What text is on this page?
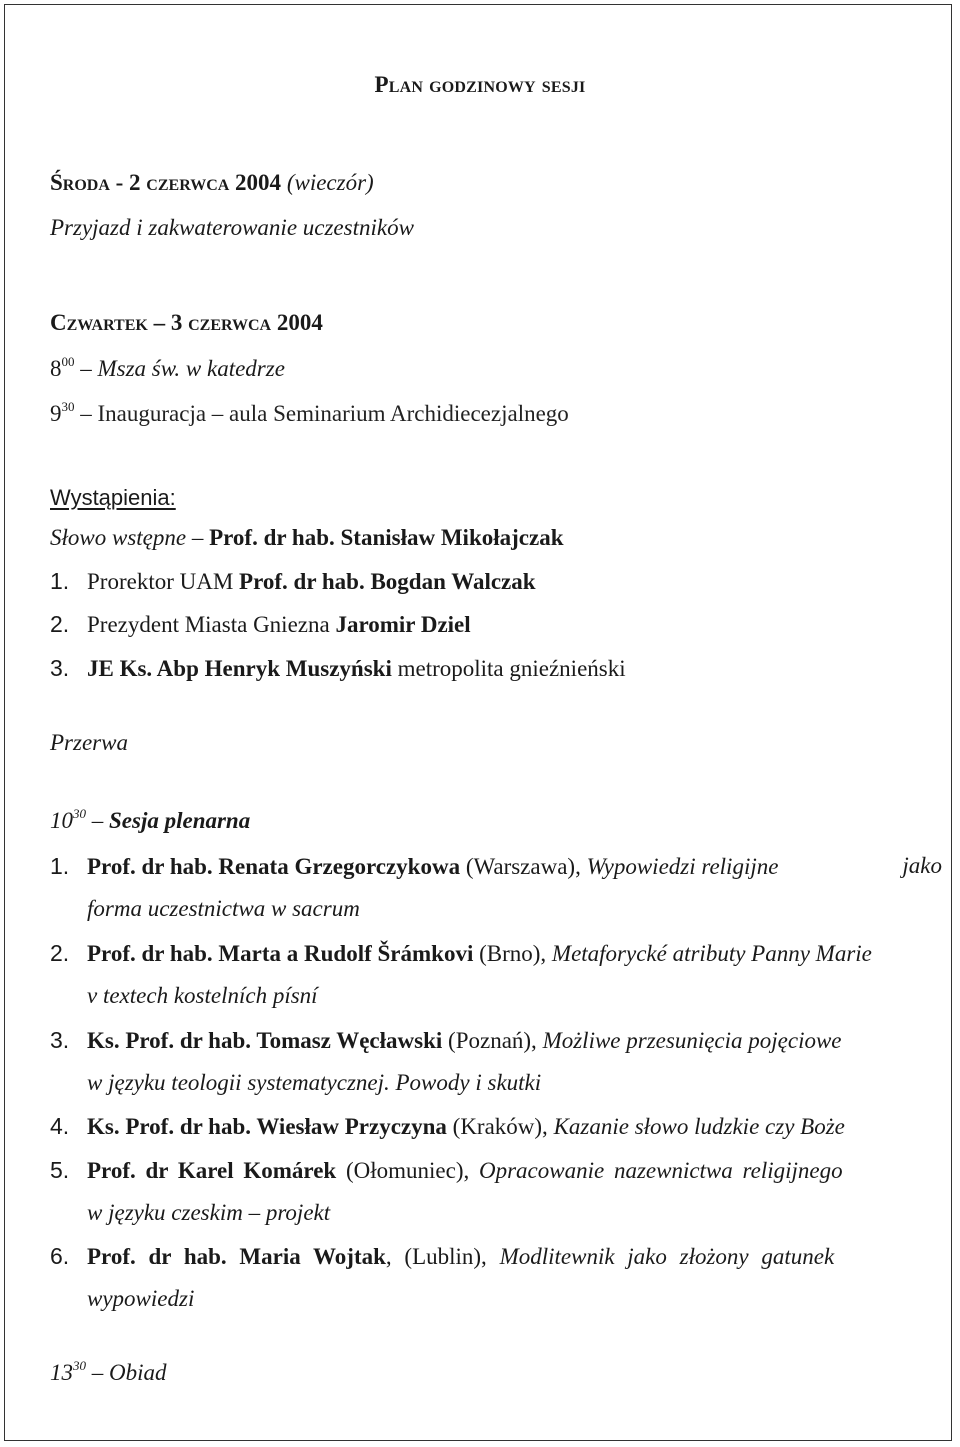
Plan godzinowy sesji
Środa - 2 czerwca 2004 (wieczór)
Przyjazd i zakwaterowanie uczestników
Czwartek – 3 czerwca 2004
$8^{00}$ – Msza św. w katedrze
$9^{30}$ – Inauguracja – aula Seminarium Archidiecezjalnego
Wystąpienia:
Słowo wstępne – Prof. dr hab. Stanisław Mikołajczak
1. Prorektor UAM Prof. dr hab. Bogdan Walczak
2. Prezydent Miasta Gniezna Jaromir Dziel
3. JE Ks. Abp Henryk Muszyński metropolita gnieźnieński
Przerwa
$10^{30}$ – Sesja plenarna
1. Prof. dr hab. Renata Grzegorczykowa (Warszawa), Wypowiedzi religijne	jako
forma uczestnictwa w sacrum
2. Prof. dr hab. Marta a Rudolf Šrámkovi (Brno), Metaforycké atributy Panny Marie
v textech kostelních písní
3. Ks. Prof. dr hab. Tomasz Węcławski (Poznań), Możliwe przesunięcia pojęciowe
w języku teologii systematycznej. Powody i skutki
4. Ks. Prof. dr hab. Wiesław Przyczyna (Kraków), Kazanie słowo ludzkie czy Boże
5. Prof. dr Karel Komárek (Ołomuniec), Opracowanie nazewnictwa religijnego
w języku czeskim – projekt
6. Prof. dr hab. Maria Wojtak, (Lublin), Modlitewnik jako złożony gatunek
wypowiedzi
$13^{30}$ – Obiad
